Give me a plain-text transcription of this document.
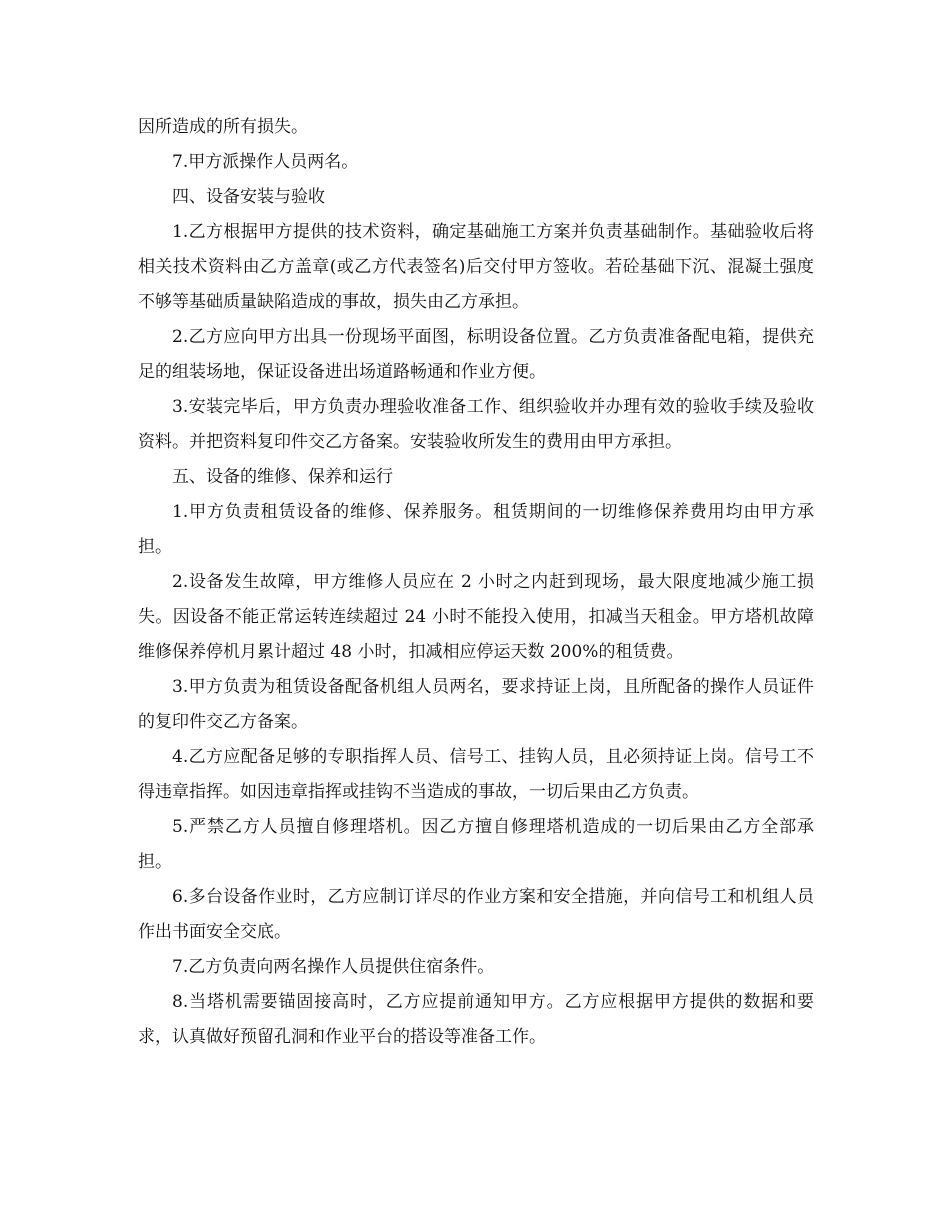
因所造成的所有损失。

7.甲方派操作人员两名。

四、设备安装与验收

1.乙方根据甲方提供的技术资料，确定基础施工方案并负责基础制作。基础验收后将相关技术资料由乙方盖章(或乙方代表签名)后交付甲方签收。若砼基础下沉、混凝土强度不够等基础质量缺陷造成的事故，损失由乙方承担。

2.乙方应向甲方出具一份现场平面图，标明设备位置。乙方负责准备配电箱，提供充足的组装场地，保证设备进出场道路畅通和作业方便。

3.安装完毕后，甲方负责办理验收准备工作、组织验收并办理有效的验收手续及验收资料。并把资料复印件交乙方备案。安装验收所发生的费用由甲方承担。

五、设备的维修、保养和运行

1.甲方负责租赁设备的维修、保养服务。租赁期间的一切维修保养费用均由甲方承担。

2.设备发生故障，甲方维修人员应在 2 小时之内赶到现场，最大限度地减少施工损失。因设备不能正常运转连续超过 24 小时不能投入使用，扣减当天租金。甲方塔机故障维修保养停机月累计超过 48 小时，扣减相应停运天数 200%的租赁费。

3.甲方负责为租赁设备配备机组人员两名，要求持证上岗，且所配备的操作人员证件的复印件交乙方备案。

4.乙方应配备足够的专职指挥人员、信号工、挂钩人员，且必须持证上岗。信号工不得违章指挥。如因违章指挥或挂钩不当造成的事故，一切后果由乙方负责。

5.严禁乙方人员擅自修理塔机。因乙方擅自修理塔机造成的一切后果由乙方全部承担。

6.多台设备作业时，乙方应制订详尽的作业方案和安全措施，并向信号工和机组人员作出书面安全交底。

7.乙方负责向两名操作人员提供住宿条件。

8.当塔机需要锚固接高时，乙方应提前通知甲方。乙方应根据甲方提供的数据和要求，认真做好预留孔洞和作业平台的搭设等准备工作。
